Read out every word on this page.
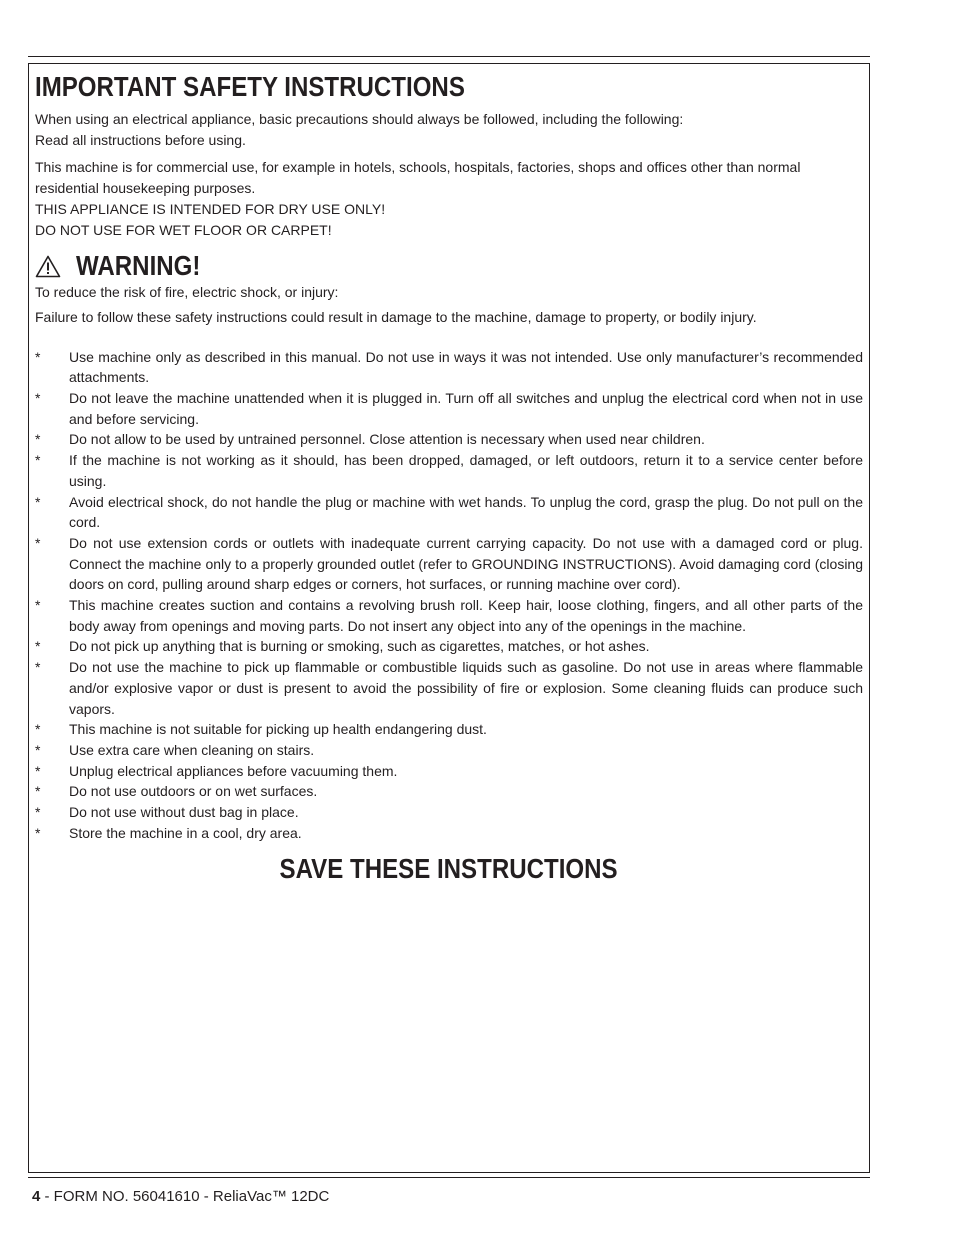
IMPORTANT SAFETY INSTRUCTIONS

When using an electrical appliance, basic precautions should always be followed, including the following:

Read all instructions before using.

This machine is for commercial use, for example in hotels, schools, hospitals, factories, shops and offices other than normal residential housekeeping purposes.

THIS APPLIANCE IS INTENDED FOR DRY USE ONLY!

DO NOT USE FOR WET FLOOR OR CARPET!

WARNING!

To reduce the risk of fire, electric shock, or injury:

Failure to follow these safety instructions could result in damage to the machine, damage to property, or bodily injury.

* Use machine only as described in this manual. Do not use in ways it was not intended. Use only manufacturer’s recommended attachments.
* Do not leave the machine unattended when it is plugged in. Turn off all switches and unplug the electrical cord when not in use and before servicing.
* Do not allow to be used by untrained personnel. Close attention is necessary when used near children.
* If the machine is not working as it should, has been dropped, damaged, or left outdoors, return it to a service center before using.
* Avoid electrical shock, do not handle the plug or machine with wet hands. To unplug the cord, grasp the plug. Do not pull on the cord.
* Do not use extension cords or outlets with inadequate current carrying capacity. Do not use with a damaged cord or plug. Connect the machine only to a properly grounded outlet (refer to GROUNDING INSTRUCTIONS). Avoid damaging cord (closing doors on cord, pulling around sharp edges or corners, hot surfaces, or running machine over cord).
* This machine creates suction and contains a revolving brush roll. Keep hair, loose clothing, fingers, and all other parts of the body away from openings and moving parts. Do not insert any object into any of the openings in the machine.
* Do not pick up anything that is burning or smoking, such as cigarettes, matches, or hot ashes.
* Do not use the machine to pick up flammable or combustible liquids such as gasoline. Do not use in areas where flammable and/or explosive vapor or dust is present to avoid the possibility of fire or explosion. Some cleaning fluids can produce such vapors.
* This machine is not suitable for picking up health endangering dust.
* Use extra care when cleaning on stairs.
* Unplug electrical appliances before vacuuming them.
* Do not use outdoors or on wet surfaces.
* Do not use without dust bag in place.
* Store the machine in a cool, dry area.
SAVE THESE INSTRUCTIONS
4 - FORM NO. 56041610 - ReliaVac™ 12DC
